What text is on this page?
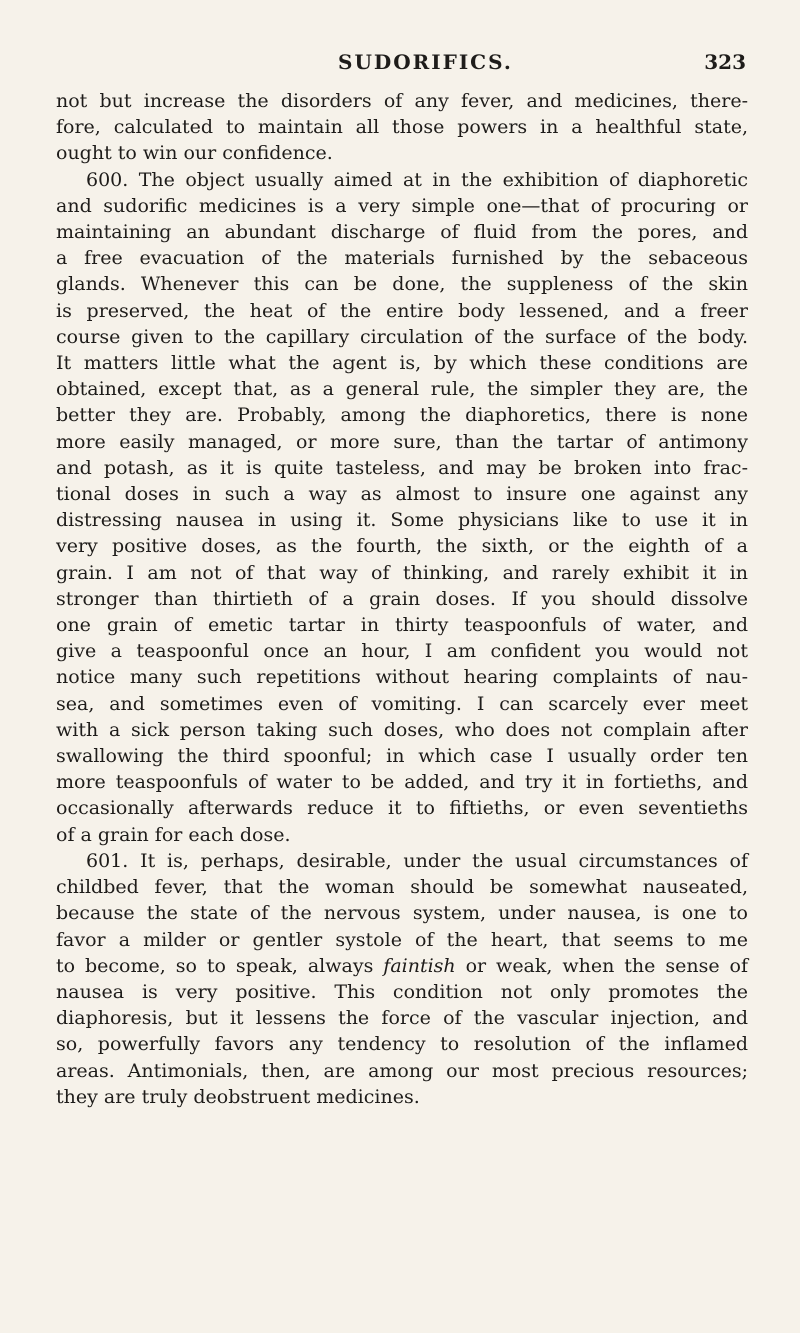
SUDORIFICS.	323
not but increase the disorders of any fever, and medicines, there-
fore, calculated to maintain all those powers in a healthful state,
ought to win our confidence.
600. The object usually aimed at in the exhibition of diaphoretic
and sudorific medicines is a very simple one—that of procuring or
maintaining an abundant discharge of fluid from the pores, and
a free evacuation of the materials furnished by the sebaceous
glands. Whenever this can be done, the suppleness of the skin
is preserved, the heat of the entire body lessened, and a freer
course given to the capillary circulation of the surface of the body.
It matters little what the agent is, by which these conditions are
obtained, except that, as a general rule, the simpler they are, the
better they are. Probably, among the diaphoretics, there is none
more easily managed, or more sure, than the tartar of antimony
and potash, as it is quite tasteless, and may be broken into frac-
tional doses in such a way as almost to insure one against any
distressing nausea in using it. Some physicians like to use it in
very positive doses, as the fourth, the sixth, or the eighth of a
grain. I am not of that way of thinking, and rarely exhibit it in
stronger than thirtieth of a grain doses. If you should dissolve
one grain of emetic tartar in thirty teaspoonfuls of water, and
give a teaspoonful once an hour, I am confident you would not
notice many such repetitions without hearing complaints of nau-
sea, and sometimes even of vomiting. I can scarcely ever meet
with a sick person taking such doses, who does not complain after
swallowing the third spoonful; in which case I usually order ten
more teaspoonfuls of water to be added, and try it in fortieths, and
occasionally afterwards reduce it to fiftieths, or even seventieths
of a grain for each dose.
601. It is, perhaps, desirable, under the usual circumstances of
childbed fever, that the woman should be somewhat nauseated,
because the state of the nervous system, under nausea, is one to
favor a milder or gentler systole of the heart, that seems to me
to become, so to speak, always faintish or weak, when the sense of
nausea is very positive. This condition not only promotes the
diaphoresis, but it lessens the force of the vascular injection, and
so, powerfully favors any tendency to resolution of the inflamed
areas. Antimonials, then, are among our most precious resources;
they are truly deobstruent medicines.
